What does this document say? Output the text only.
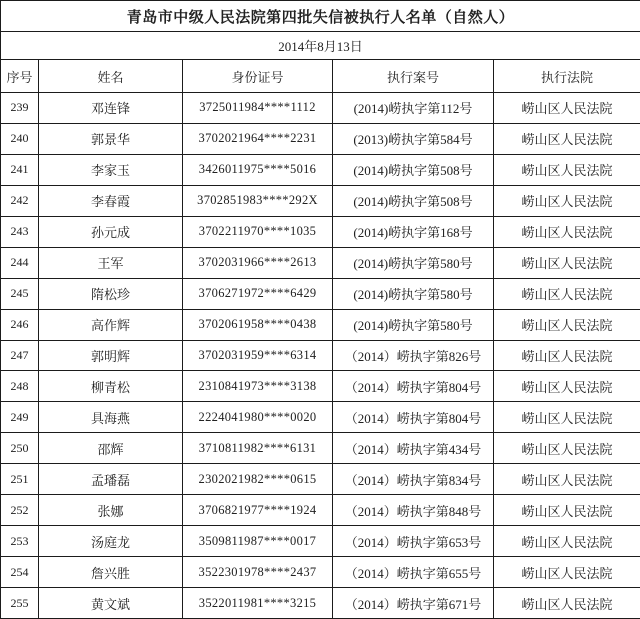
青岛市中级人民法院第四批失信被执行人名单（自然人）				
2014年8月13日				
序号	姓名	身份证号	执行案号	执行法院
239	邓连锋	3725011984****1112	(2014)崂执字第112号	崂山区人民法院
240	郭景华	3702021964****2231	(2013)崂执字第584号	崂山区人民法院
241	李家玉	3426011975****5016	(2014)崂执字第508号	崂山区人民法院
242	李春霞	3702851983****292X	(2014)崂执字第508号	崂山区人民法院
243	孙元成	3702211970****1035	(2014)崂执字第168号	崂山区人民法院
244	王军	3702031966****2613	(2014)崂执字第580号	崂山区人民法院
245	隋松珍	3706271972****6429	(2014)崂执字第580号	崂山区人民法院
246	高作辉	3702061958****0438	(2014)崂执字第580号	崂山区人民法院
247	郭明辉	3702031959****6314	（2014）崂执字第826号	崂山区人民法院
248	柳青松	2310841973****3138	（2014）崂执字第804号	崂山区人民法院
249	具海燕	2224041980****0020	（2014）崂执字第804号	崂山区人民法院
250	邵辉	3710811982****6131	（2014）崂执字第434号	崂山区人民法院
251	孟璠磊	2302021982****0615	（2014）崂执字第834号	崂山区人民法院
252	张娜	3706821977****1924	（2014）崂执字第848号	崂山区人民法院
253	汤庭龙	3509811987****0017	（2014）崂执字第653号	崂山区人民法院
254	詹兴胜	3522301978****2437	（2014）崂执字第655号	崂山区人民法院
255	黄文斌	3522011981****3215	（2014）崂执字第671号	崂山区人民法院
